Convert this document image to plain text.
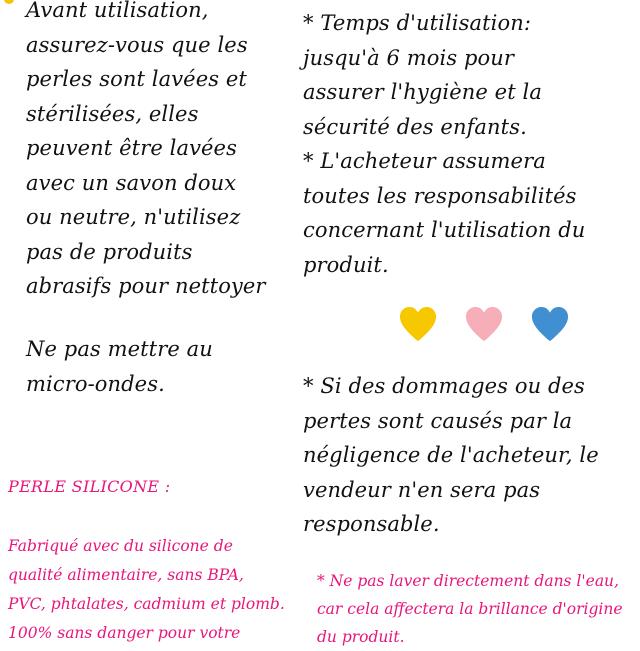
Avant utilisation,
assurez-vous que les
perles sont lavées et
stérilisées, elles
peuvent être lavées
avec un savon doux
ou neutre, n'utilisez
pas de produits
abrasifs pour nettoyer
Ne pas mettre au
micro-ondes.
PERLE SILICONE :
Fabriqué avec du silicone de
qualité alimentaire, sans BPA,
PVC, phtalates, cadmium et plomb.
100% sans danger pour votre
* Temps d'utilisation:
jusqu'à 6 mois pour
assurer l'hygiène et la
sécurité des enfants.
* L'acheteur assumera
toutes les responsabilités
concernant l'utilisation du
produit.
* Si des dommages ou des
pertes sont causés par la
négligence de l'acheteur, le
vendeur n'en sera pas
responsable.
* Ne pas laver directement dans l'eau,
car cela affectera la brillance d'origine
du produit.
